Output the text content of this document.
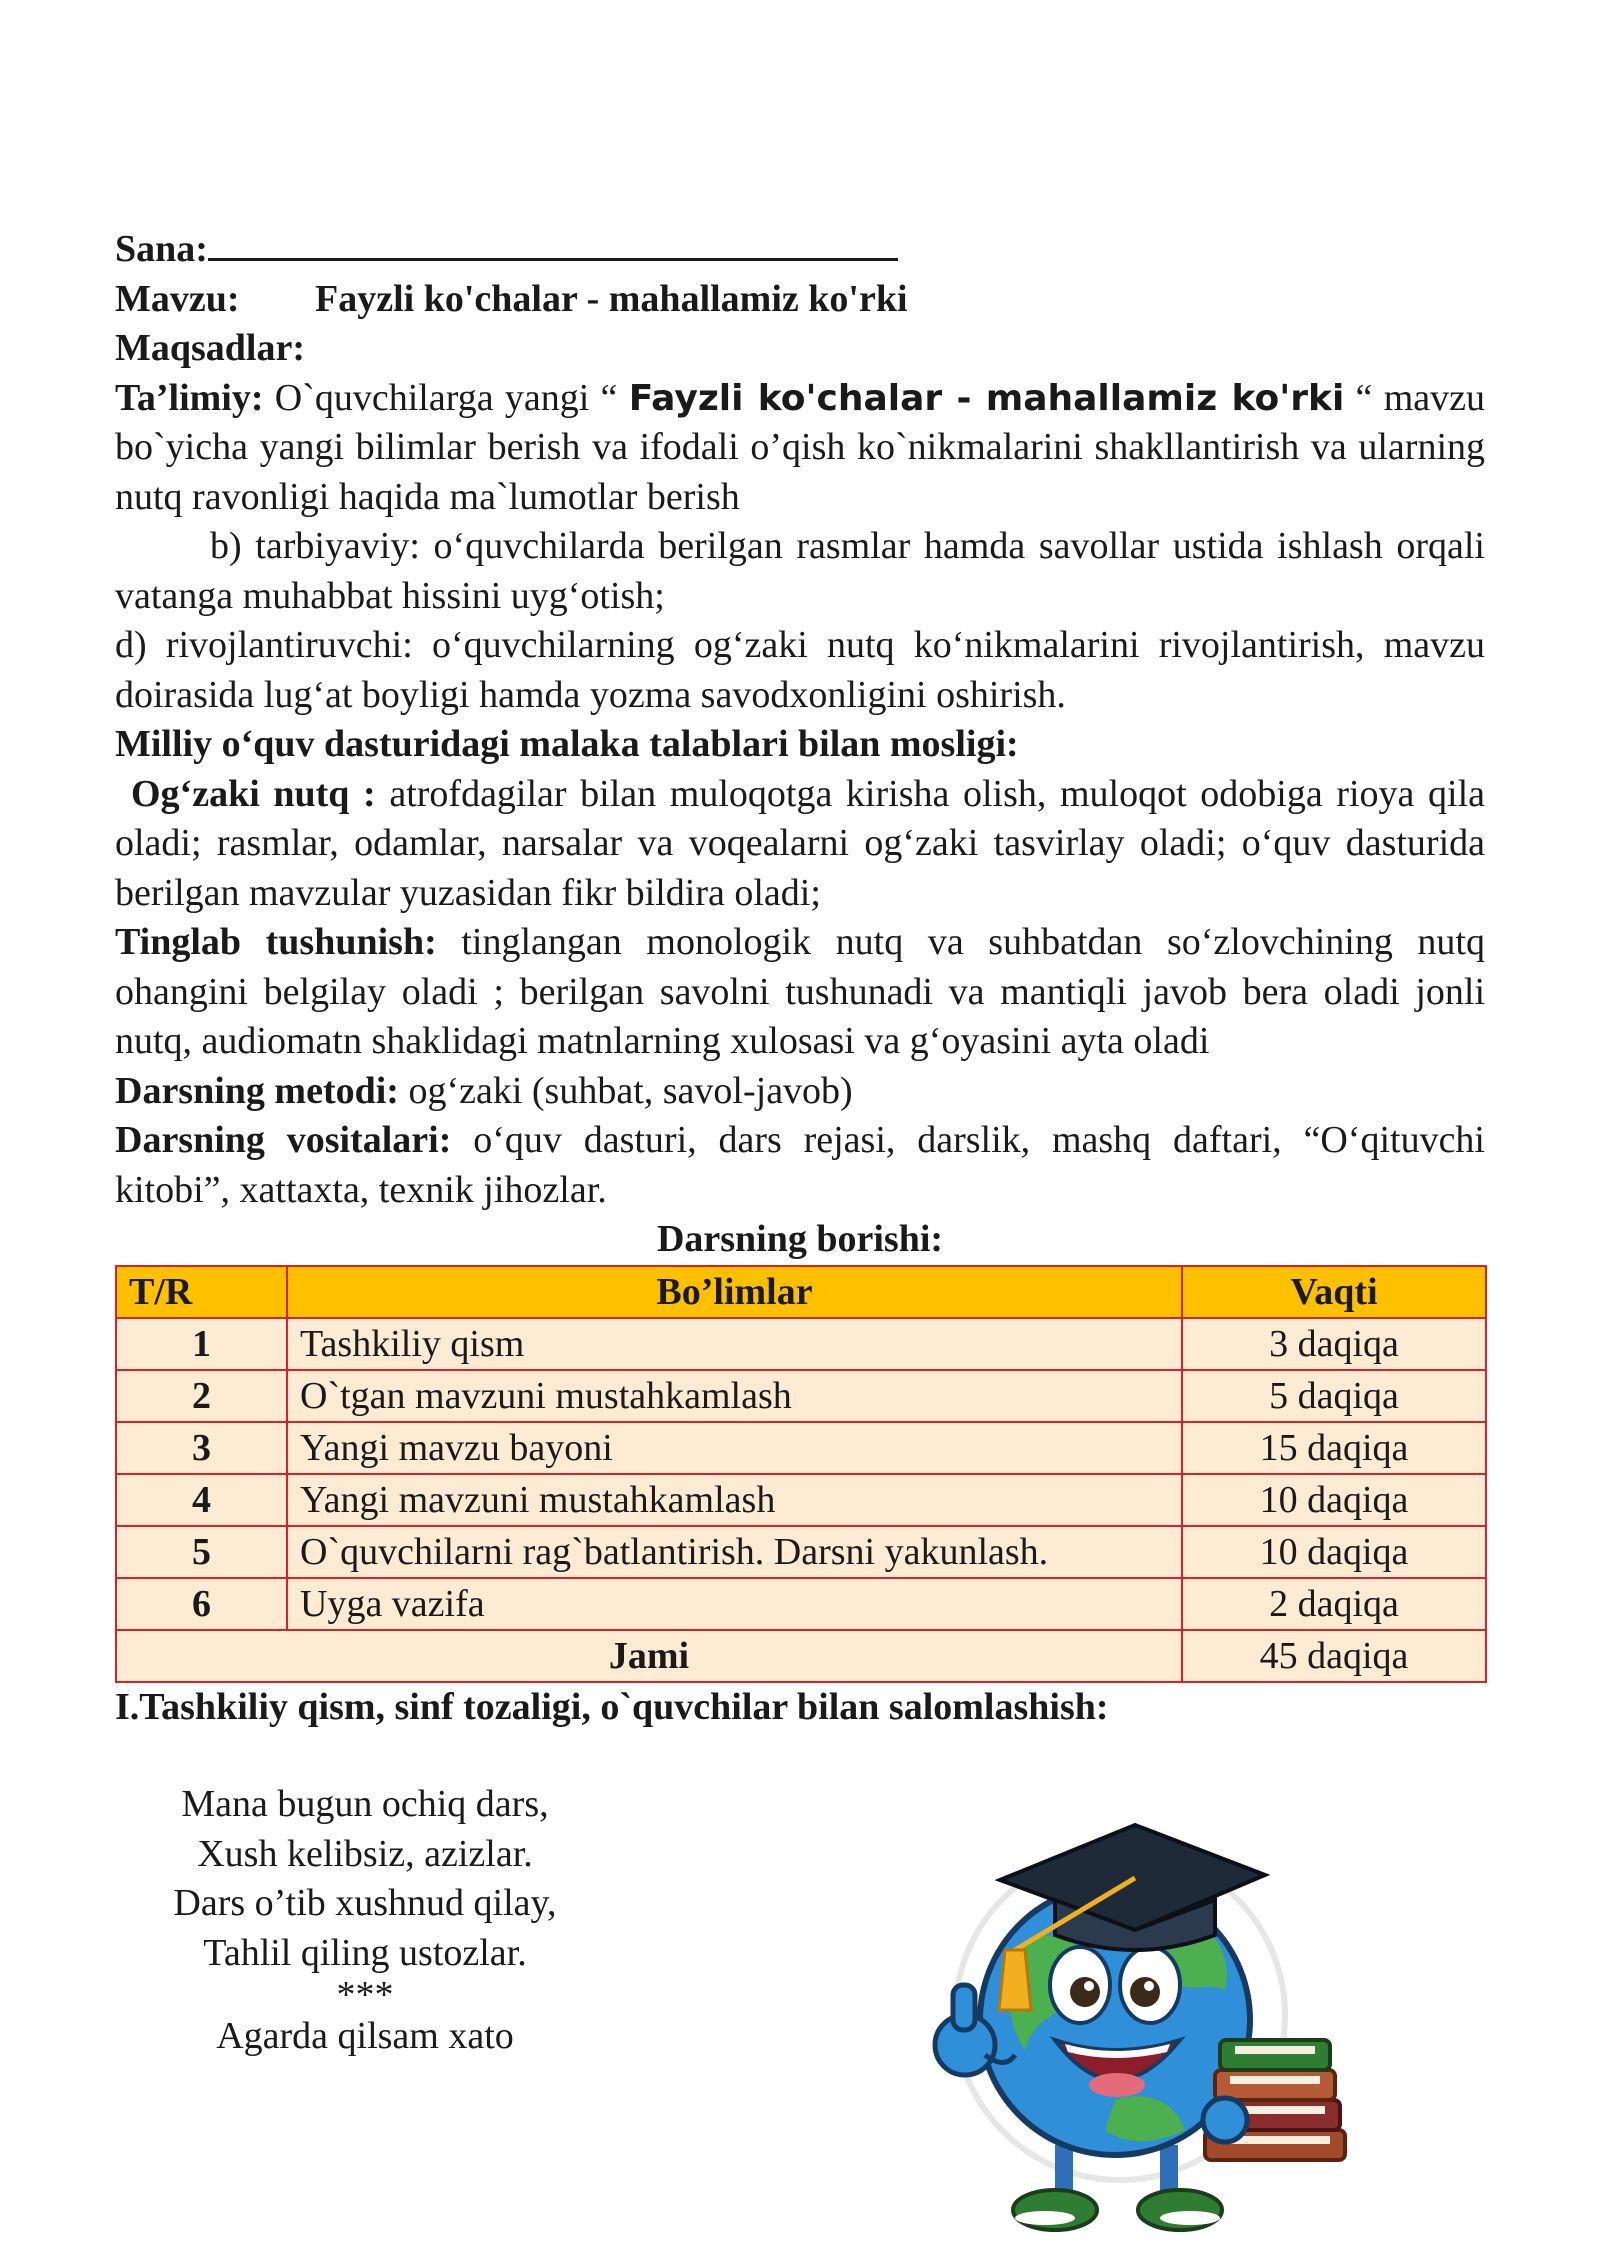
Sana:

Mavzu: Fayzli ko'chalar - mahallamiz ko'rki

Maqsadlar:

Ta’limiy: O`quvchilarga yangi “ Fayzli ko'chalar - mahallamiz ko'rki “ mavzu bo`yicha yangi bilimlar berish va ifodali o’qish ko`nikmalarini shakllantirish va ularning nutq ravonligi haqida ma`lumotlar berish

b) tarbiyaviy: o‘quvchilarda berilgan rasmlar hamda savollar ustida ishlash orqali vatanga muhabbat hissini uyg‘otish;

d) rivojlantiruvchi: o‘quvchilarning og‘zaki nutq ko‘nikmalarini rivojlantirish, mavzu doirasida lug‘at boyligi hamda yozma savodxonligini oshirish.

Milliy o‘quv dasturidagi malaka talablari bilan mosligi:

Og‘zaki nutq : atrofdagilar bilan muloqotga kirisha olish, muloqot odobiga rioya qila oladi; rasmlar, odamlar, narsalar va voqealarni og‘zaki tasvirlay oladi; o‘quv dasturida berilgan mavzular yuzasidan fikr bildira oladi;

Tinglab tushunish: tinglangan monologik nutq va suhbatdan so‘zlovchining nutq ohangini belgilay oladi ; berilgan savolni tushunadi va mantiqli javob bera oladi jonli nutq, audiomatn shaklidagi matnlarning xulosasi va g‘oyasini ayta oladi

Darsning metodi: og‘zaki (suhbat, savol-javob)

Darsning vositalari: o‘quv dasturi, dars rejasi, darslik, mashq daftari, “O‘qituvchi kitobi”, xattaxta, texnik jihozlar.

Darsning borishi:

T/R	Bo’limlar	Vaqti
1	Tashkiliy qism	3 daqiqa
2	O`tgan mavzuni mustahkamlash	5 daqiqa
3	Yangi mavzu bayoni	15 daqiqa
4	Yangi mavzuni mustahkamlash	10 daqiqa
5	O`quvchilarni rag`batlantirish. Darsni yakunlash.	10 daqiqa
6	Uyga vazifa	2 daqiqa
Jami		45 daqiqa

I.Tashkiliy qism, sinf tozaligi, o`quvchilar bilan salomlashish:

Mana bugun ochiq dars,
Xush kelibsiz, azizlar.
Dars o’tib xushnud qilay,
Tahlil qiling ustozlar.
***
Agarda qilsam xato
